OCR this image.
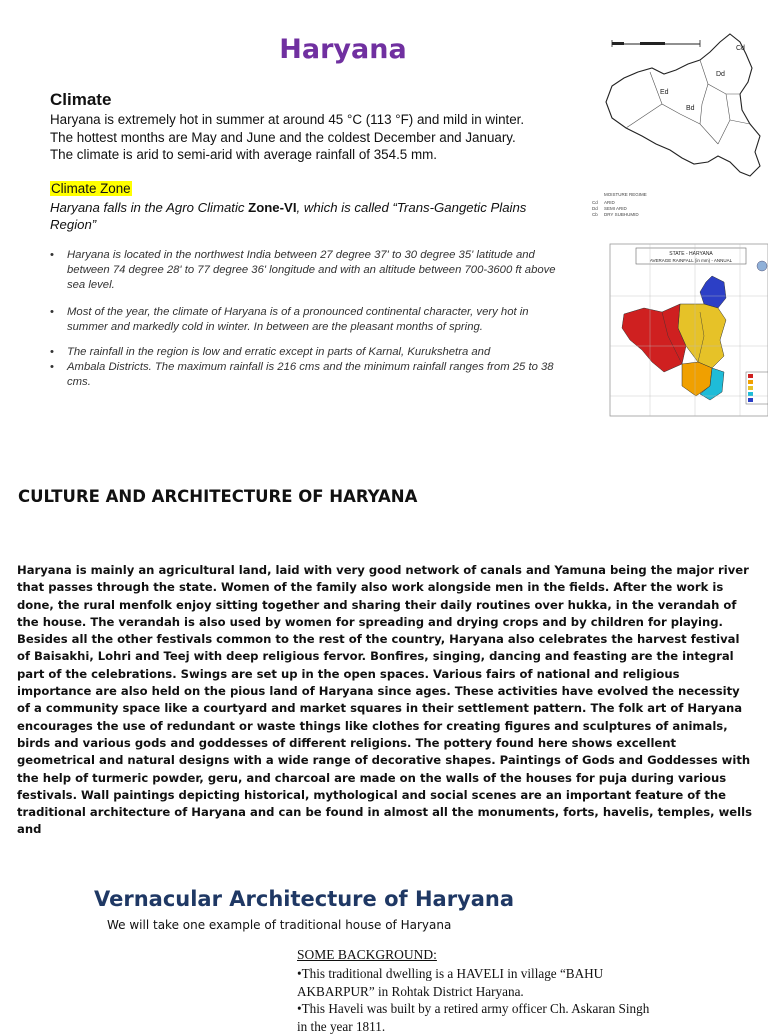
Haryana
Climate
Haryana is extremely hot in summer at around 45 °C (113 °F) and mild in winter.
The hottest months are May and June and the coldest December and January.
The climate is arid to semi-arid with average rainfall of 354.5 mm.
Climate Zone
Haryana falls in the Agro Climatic Zone-VI, which is called “Trans-Gangetic Plains Region”
• Haryana is located in the northwest India between 27 degree 37' to 30 degree 35' latitude and between 74 degree 28' to 77 degree 36' longitude and with an altitude between 700-3600 ft above sea level.
• Most of the year, the climate of Haryana is of a pronounced continental character, very hot in summer and markedly cold in winter. In between are the pleasant months of spring.
• The rainfall in the region is low and erratic except in parts of Karnal, Kurukshetra and
• Ambala Districts. The maximum rainfall is 216 cms and the minimum rainfall ranges from 25 to 38 cms.
Cd
Dd
Bd
Ed
MOISTURE REGIME
Cd ARID
Dd SEMI ARID
Cb DRY SUBHUMID
STATE - HARYANA
AVERAGE RAINFALL (in mm) - ANNUAL
CULTURE AND ARCHITECTURE OF HARYANA
Haryana is mainly an agricultural land, laid with very good network of canals and Yamuna being the major river that passes through the state. Women of the family also work alongside men in the fields. After the work is done, the rural menfolk enjoy sitting together and sharing their daily routines over hukka, in the verandah of the house. The verandah is also used by women for spreading and drying crops and by children for playing. Besides all the other festivals common to the rest of the country, Haryana also celebrates the harvest festival of Baisakhi, Lohri and Teej with deep religious fervor. Bonfires, singing, dancing and feasting are the integral part of the celebrations. Swings are set up in the open spaces. Various fairs of national and religious importance are also held on the pious land of Haryana since ages. These activities have evolved the necessity of a community space like a courtyard and market squares in their settlement pattern. The folk art of Haryana encourages the use of redundant or waste things like clothes for creating figures and sculptures of animals, birds and various gods and goddesses of different religions. The pottery found here shows excellent geometrical and natural designs with a wide range of decorative shapes. Paintings of Gods and Goddesses with the help of turmeric powder, geru, and charcoal are made on the walls of the houses for puja during various festivals. Wall paintings depicting historical, mythological and social scenes are an important feature of the traditional architecture of Haryana and can be found in almost all the monuments, forts, havelis, temples, wells and
Vernacular Architecture of Haryana
We will take one example of traditional house of Haryana
SOME BACKGROUND:
•This traditional dwelling is a HAVELI in village “BAHU AKBARPUR” in Rohtak District Haryana.
•This Haveli was built by a retired army officer Ch. Askaran Singh in the year 1811.
